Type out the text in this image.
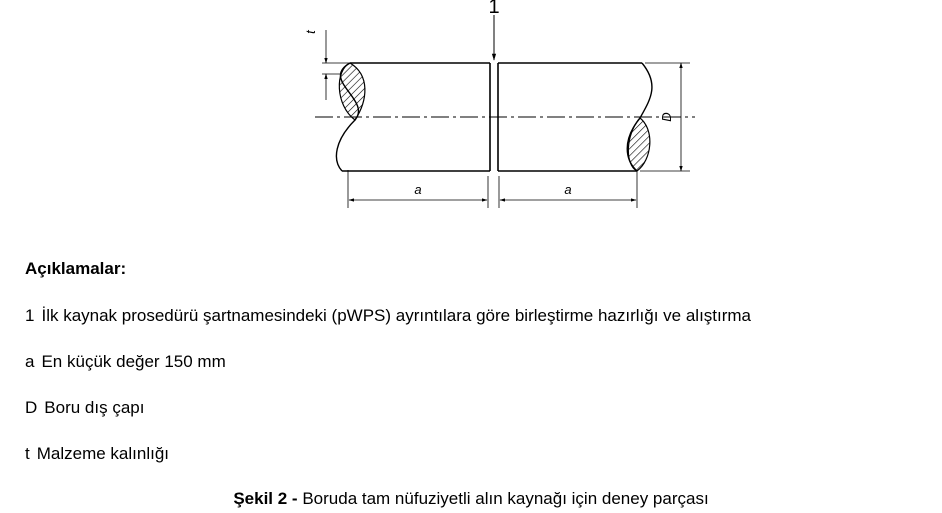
1
t
D
a	a
Açıklamalar:
1 İlk kaynak prosedürü şartnamesindeki (pWPS) ayrıntılara göre birleştirme hazırlığı ve alıştırma
a En küçük değer 150 mm
D Boru dış çapı
t Malzeme kalınlığı
Şekil 2 - Boruda tam nüfuziyetli alın kaynağı için deney parçası
